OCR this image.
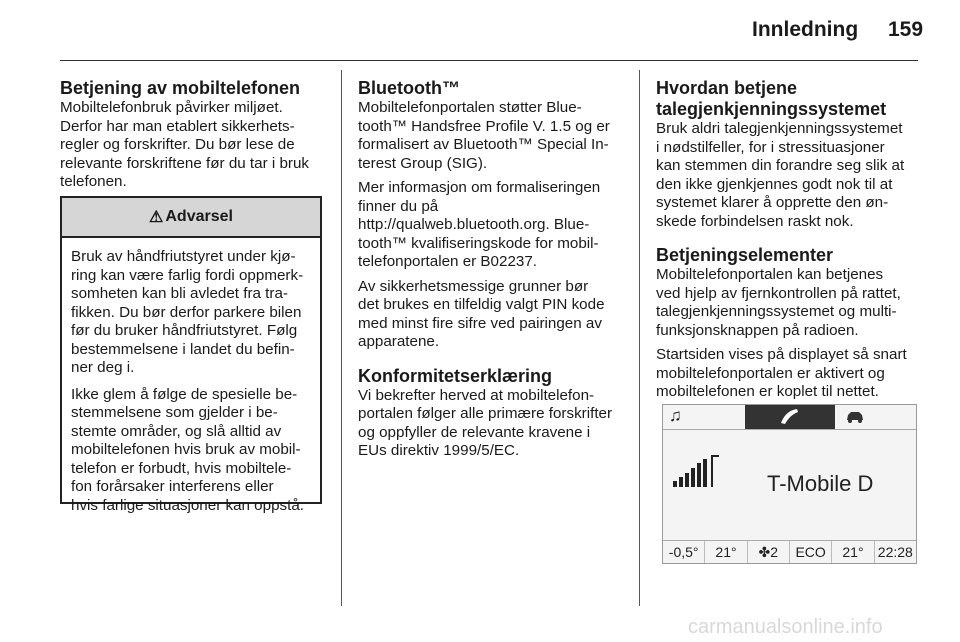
Innledning 159
Betjening av mobiltelefonen

Mobiltelefonbruk påvirker miljøet.
Derfor har man etablert sikkerhets-
regler og forskrifter. Du bør lese de
relevante forskriftene før du tar i bruk
telefonen.

⚠ Advarsel

Bruk av håndfriutstyret under kjø-
ring kan være farlig fordi oppmerk-
somheten kan bli avledet fra tra-
fikken. Du bør derfor parkere bilen
før du bruker håndfriutstyret. Følg
bestemmelsene i landet du befin-
ner deg i.

Ikke glem å følge de spesielle be-
stemmelsene som gjelder i be-
stemte områder, og slå alltid av
mobiltelefonen hvis bruk av mobil-
telefon er forbudt, hvis mobiltele-
fon forårsaker interferens eller
hvis farlige situasjoner kan oppstå.

Bluetooth™

Mobiltelefonportalen støtter Blue-
tooth™ Handsfree Profile V. 1.5 og er
formalisert av Bluetooth™ Special In-
terest Group (SIG).

Mer informasjon om formaliseringen
finner du på
http://qualweb.bluetooth.org. Blue-
tooth™ kvalifiseringskode for mobil-
telefonportalen er B02237.

Av sikkerhetsmessige grunner bør
det brukes en tilfeldig valgt PIN kode
med minst fire sifre ved pairingen av
apparatene.

Konformitetserklæring

Vi bekrefter herved at mobiltelefon-
portalen følger alle primære forskrifter
og oppfyller de relevante kravene i
EUs direktiv 1999/5/EC.

Hvordan betjene
talegjenkjenningssystemet

Bruk aldri talegjenkjenningssystemet
i nødstilfeller, for i stressituasjoner
kan stemmen din forandre seg slik at
den ikke gjenkjennes godt nok til at
systemet klarer å opprette den øn-
skede forbindelsen raskt nok.

Betjeningselementer

Mobiltelefonportalen kan betjenes
ved hjelp av fjernkontrollen på rattet,
talegjenkjenningssystemet og multi-
funksjonsknappen på radioen.

Startsiden vises på displayet så snart
mobiltelefonportalen er aktivert og
mobiltelefonen er koplet til nettet.

♫
T-Mobile D
-0,5°	21°	✤ 2	ECO	21°	22:28
carmanualsonline.info
